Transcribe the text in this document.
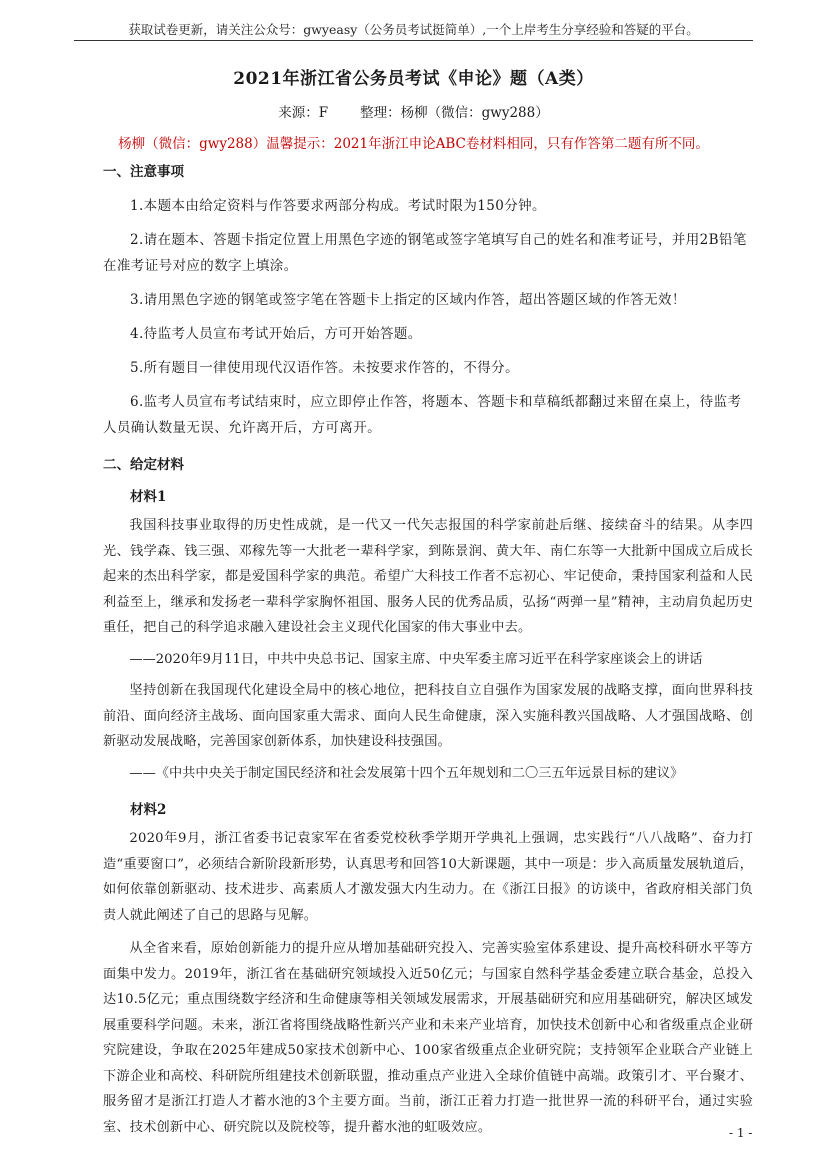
获取试卷更新，请关注公众号：gwyeasy（公务员考试挺简单）,一个上岸考生分享经验和答疑的平台。
2021年浙江省公务员考试《申论》题（A类）
来源：F 整理：杨柳（微信：gwy288）
杨柳（微信：gwy288）温馨提示：2021年浙江申论ABC卷材料相同，只有作答第二题有所不同。
一、注意事项

1.本题本由给定资料与作答要求两部分构成。考试时限为150分钟。

2.请在题本、答题卡指定位置上用黑色字迹的钢笔或签字笔填写自己的姓名和准考证号，并用2B铅笔在准考证号对应的数字上填涂。

3.请用黑色字迹的钢笔或签字笔在答题卡上指定的区域内作答，超出答题区域的作答无效！

4.待监考人员宣布考试开始后，方可开始答题。

5.所有题目一律使用现代汉语作答。未按要求作答的，不得分。

6.监考人员宣布考试结束时，应立即停止作答，将题本、答题卡和草稿纸都翻过来留在桌上，待监考人员确认数量无误、允许离开后，方可离开。

二、给定材料
材料1

我国科技事业取得的历史性成就，是一代又一代矢志报国的科学家前赴后继、接续奋斗的结果。从李四光、钱学森、钱三强、邓稼先等一大批老一辈科学家，到陈景润、黄大年、南仁东等一大批新中国成立后成长起来的杰出科学家，都是爱国科学家的典范。希望广大科技工作者不忘初心、牢记使命，秉持国家利益和人民利益至上，继承和发扬老一辈科学家胸怀祖国、服务人民的优秀品质，弘扬“两弹一星”精神，主动肩负起历史重任，把自己的科学追求融入建设社会主义现代化国家的伟大事业中去。

——2020年9月11日，中共中央总书记、国家主席、中央军委主席习近平在科学家座谈会上的讲话

坚持创新在我国现代化建设全局中的核心地位，把科技自立自强作为国家发展的战略支撑，面向世界科技前沿、面向经济主战场、面向国家重大需求、面向人民生命健康，深入实施科教兴国战略、人才强国战略、创新驱动发展战略，完善国家创新体系，加快建设科技强国。

——《中共中央关于制定国民经济和社会发展第十四个五年规划和二〇三五年远景目标的建议》

材料2

2020年9月，浙江省委书记袁家军在省委党校秋季学期开学典礼上强调，忠实践行“八八战略”、奋力打造“重要窗口”，必须结合新阶段新形势，认真思考和回答10大新课题，其中一项是：步入高质量发展轨道后，如何依靠创新驱动、技术进步、高素质人才激发强大内生动力。在《浙江日报》的访谈中，省政府相关部门负责人就此阐述了自己的思路与见解。

从全省来看，原始创新能力的提升应从增加基础研究投入、完善实验室体系建设、提升高校科研水平等方面集中发力。2019年，浙江省在基础研究领域投入近50亿元；与国家自然科学基金委建立联合基金，总投入达10.5亿元；重点围绕数字经济和生命健康等相关领域发展需求，开展基础研究和应用基础研究，解决区域发展重要科学问题。未来，浙江省将围绕战略性新兴产业和未来产业培育，加快技术创新中心和省级重点企业研究院建设，争取在2025年建成50家技术创新中心、100家省级重点企业研究院；支持领军企业联合产业链上下游企业和高校、科研院所组建技术创新联盟，推动重点产业进入全球价值链中高端。政策引才、平台聚才、服务留才是浙江打造人才蓄水池的3个主要方面。当前，浙江正着力打造一批世界一流的科研平台，通过实验室、技术创新中心、研究院以及院校等，提升蓄水池的虹吸效应。	- 1 -
